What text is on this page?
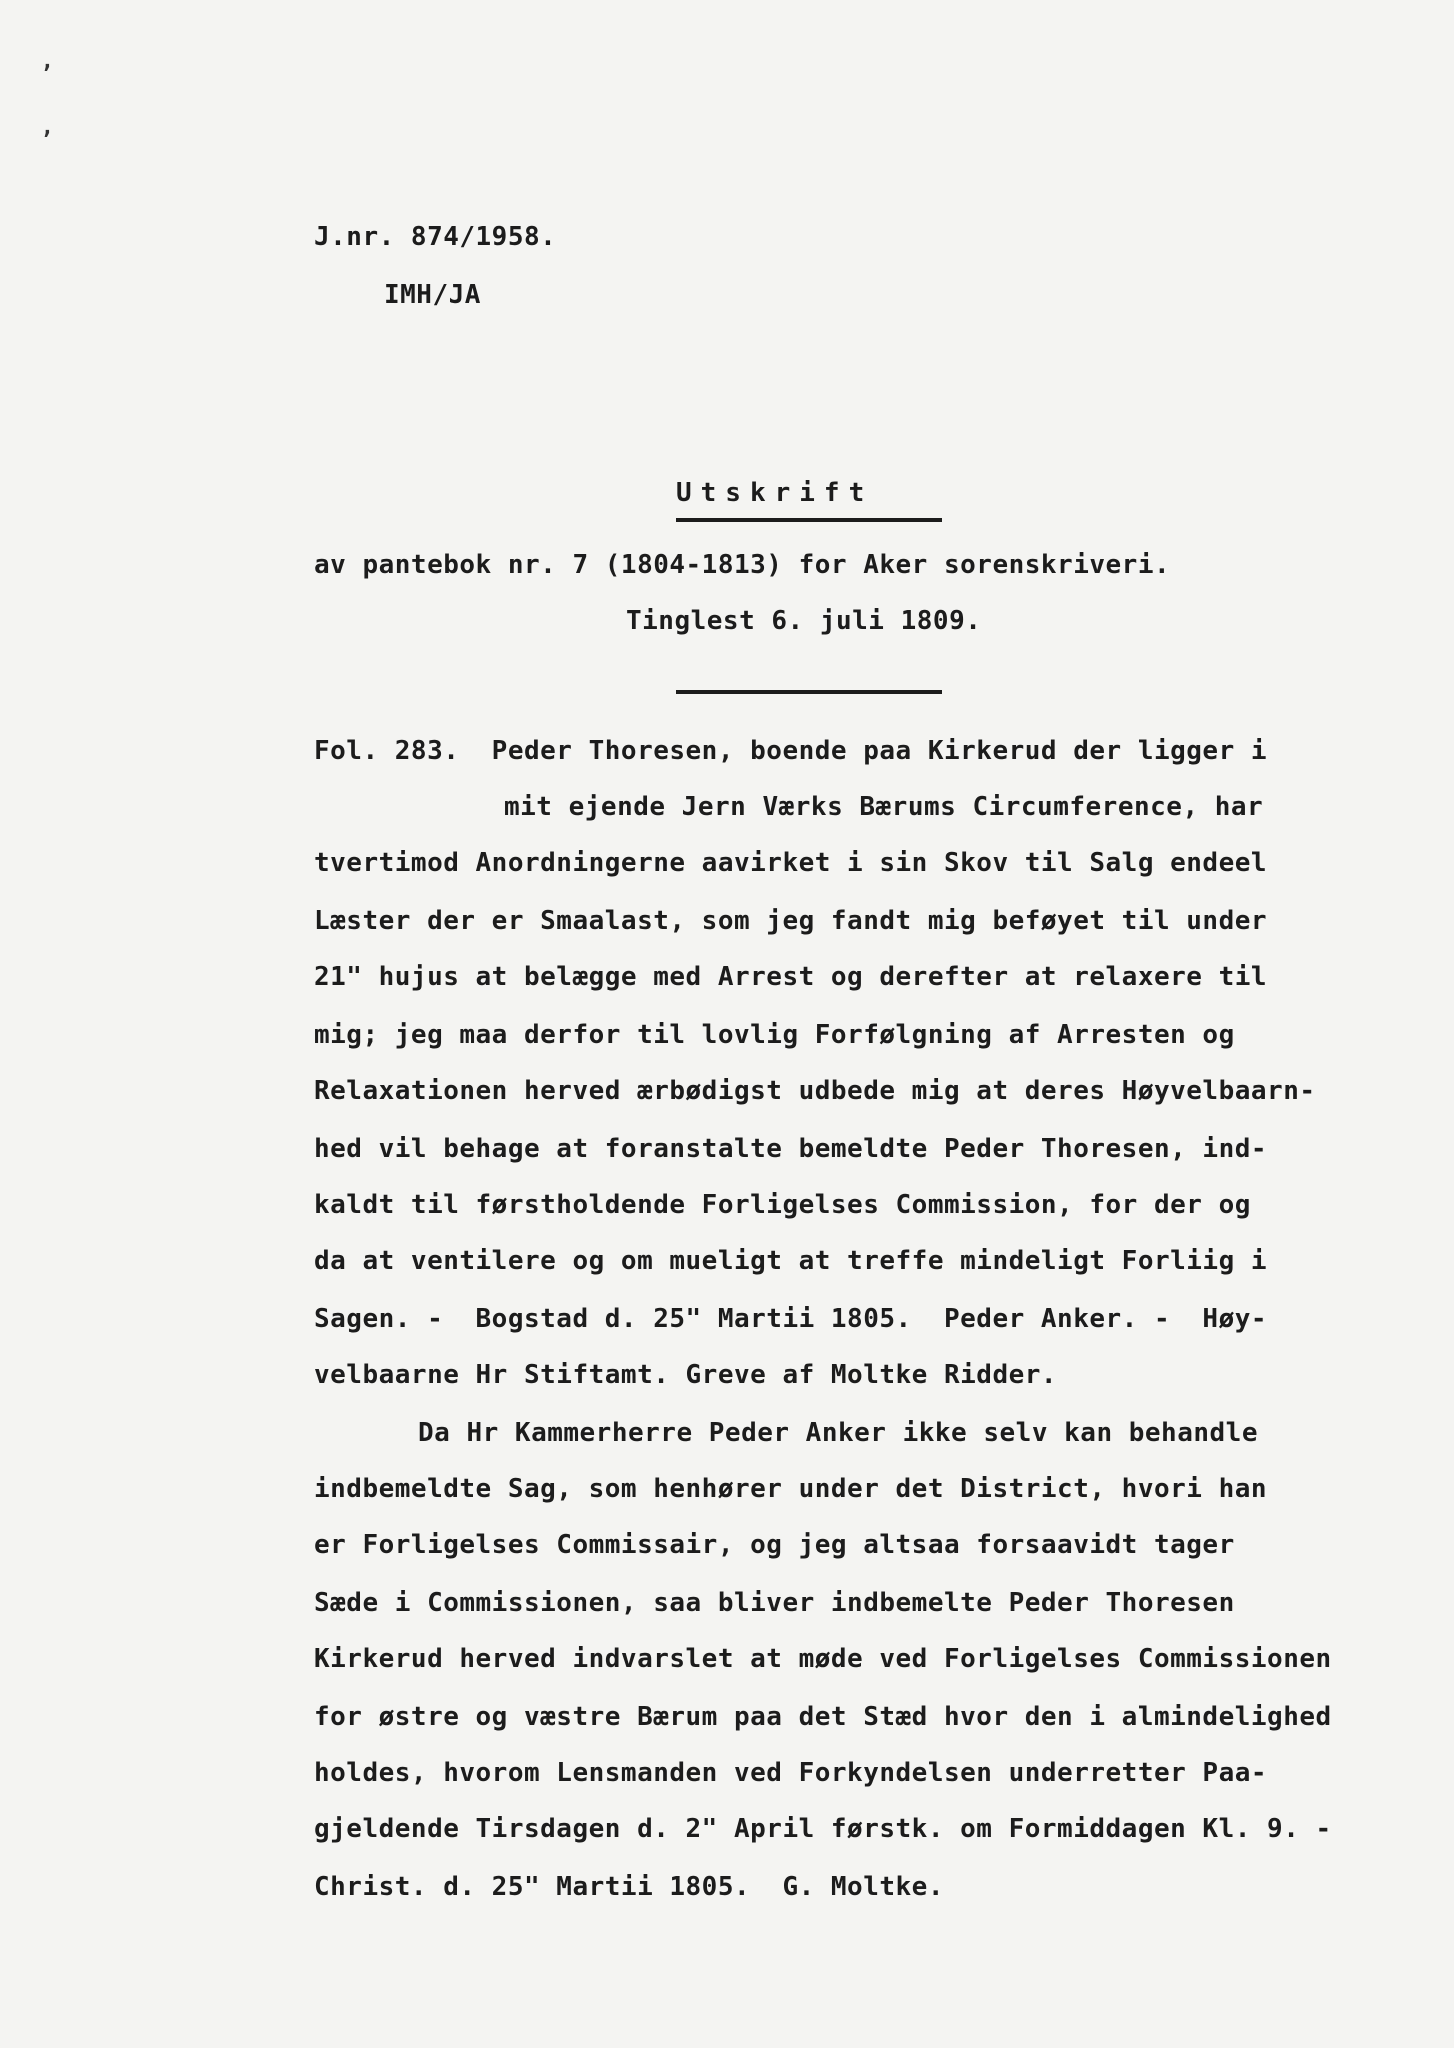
ʼ
ʼ
J.nr. 874/1958.
IMH/JA
Utskrift
av pantebok nr. 7 (1804-1813) for Aker sorenskriveri.
Tinglest 6. juli 1809.
Fol. 283.  Peder Thoresen, boende paa Kirkerud der ligger i
mit ejende Jern Værks Bærums Circumference, har
tvertimod Anordningerne aavirket i sin Skov til Salg endeel
Læster der er Smaalast, som jeg fandt mig beføyet til under
21" hujus at belægge med Arrest og derefter at relaxere til
mig; jeg maa derfor til lovlig Forfølgning af Arresten og
Relaxationen herved ærbødigst udbede mig at deres Høyvelbaarn-
hed vil behage at foranstalte bemeldte Peder Thoresen, ind-
kaldt til førstholdende Forligelses Commission, for der og
da at ventilere og om mueligt at treffe mindeligt Forliig i
Sagen. -  Bogstad d. 25" Martii 1805.  Peder Anker. -  Høy-
velbaarne Hr Stiftamt. Greve af Moltke Ridder.
Da Hr Kammerherre Peder Anker ikke selv kan behandle
indbemeldte Sag, som henhører under det District, hvori han
er Forligelses Commissair, og jeg altsaa forsaavidt tager
Sæde i Commissionen, saa bliver indbemelte Peder Thoresen
Kirkerud herved indvarslet at møde ved Forligelses Commissionen
for østre og væstre Bærum paa det Stæd hvor den i almindelighed
holdes, hvorom Lensmanden ved Forkyndelsen underretter Paa-
gjeldende Tirsdagen d. 2" April førstk. om Formiddagen Kl. 9. -
Christ. d. 25" Martii 1805.  G. Moltke.
